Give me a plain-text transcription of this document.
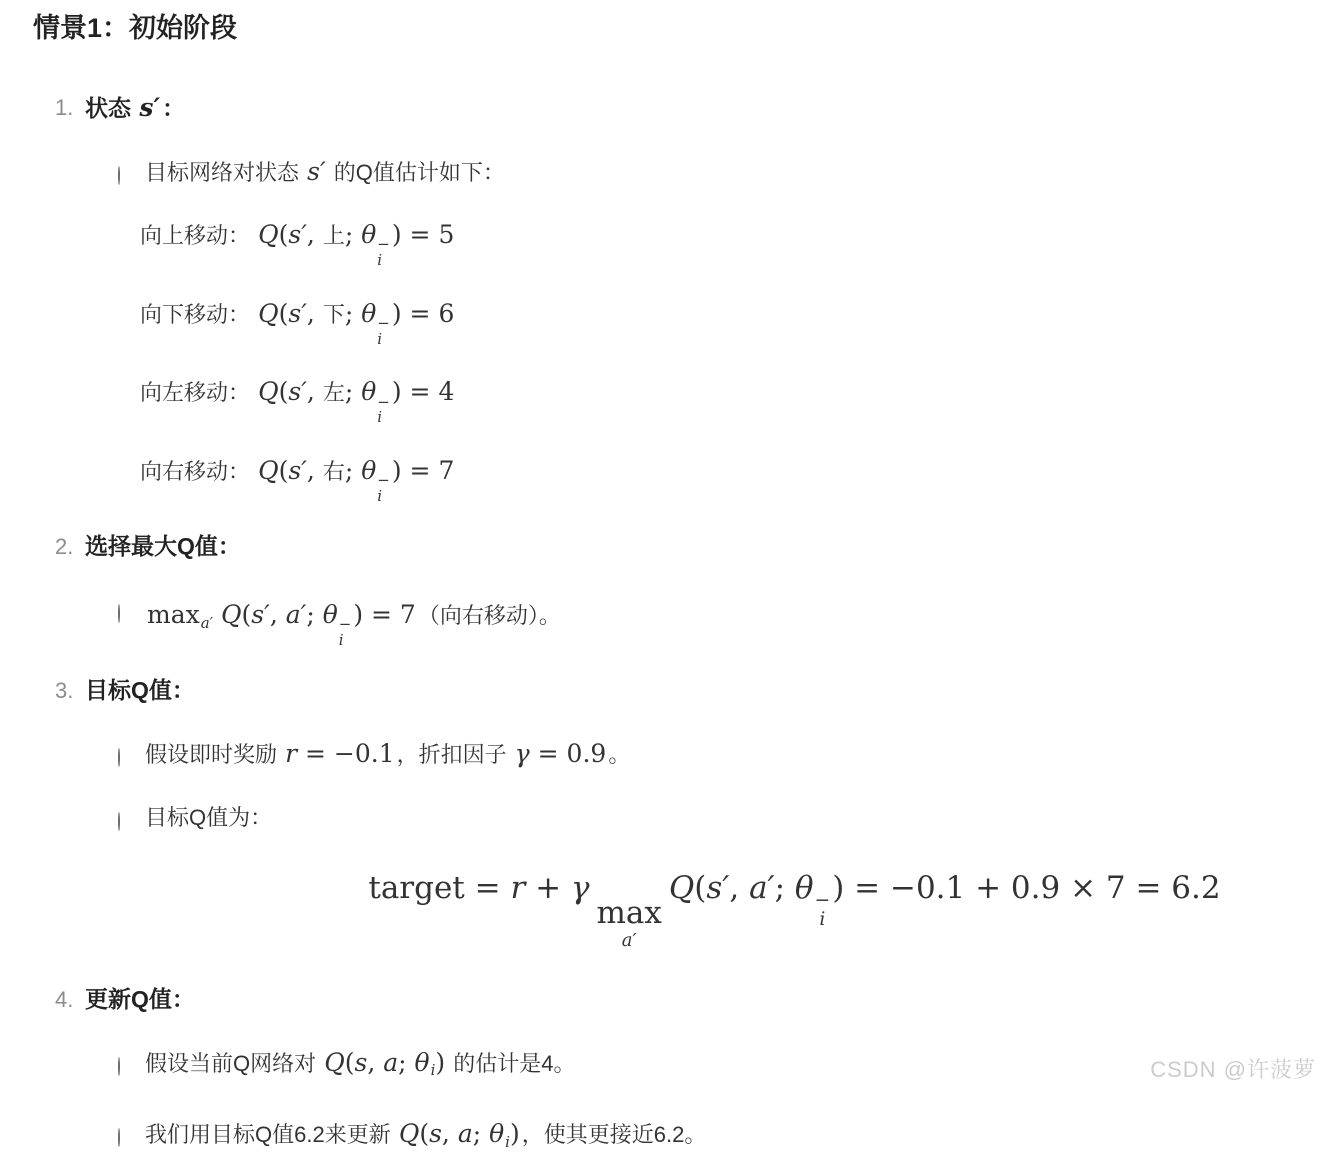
情景1：初始阶段
1. 状态 s′：
目标网络对状态 s′ 的Q值估计如下：
向上移动： Q(s′, 上; θ −
i
) = 5
向下移动： Q(s′, 下; θ −
i
) = 6
向左移动： Q(s′, 左; θ −
i
) = 4
向右移动： Q(s′, 右; θ −
i
) = 7
2. 选择最大Q值：
maxa′ Q(s′, a′; θ −
i
) = 7（向右移动）。
3. 目标Q值：
假设即时奖励 r = −0.1，折扣因子 γ = 0.9。
目标Q值为：
target = r + γ
max
a′
Q(s′, a′; θ −
i
) = −0.1 + 0.9 × 7 = 6.2
4. 更新Q值：
假设当前Q网络对 Q(s, a; θi) 的估计是4。
我们用目标Q值6.2来更新 Q(s, a; θi)，使其更接近6.2。
CSDN @许菠萝
